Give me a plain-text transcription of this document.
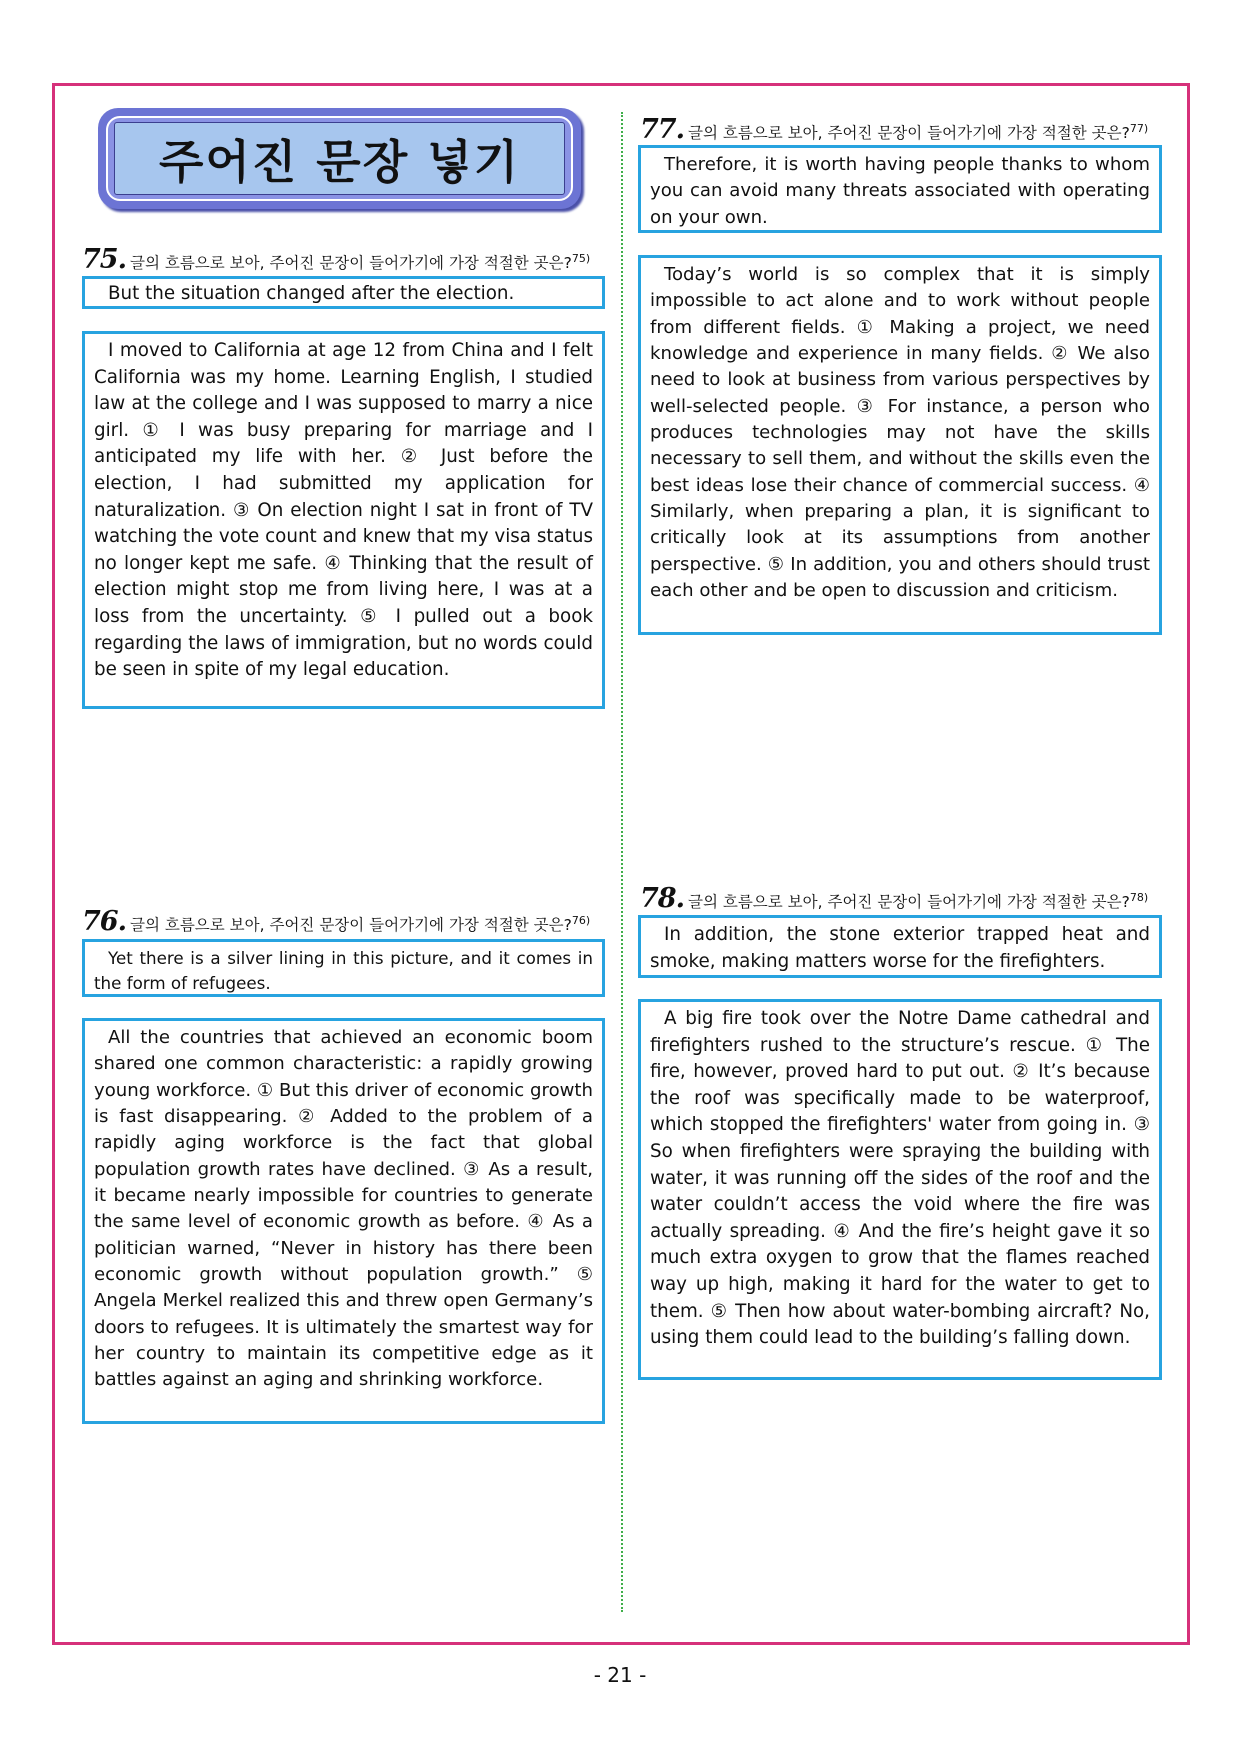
주어진 문장 넣기
75. 글의 흐름으로 보아, 주어진 문장이 들어가기에 가장 적절한 곳은?$^{75)}$

But the situation changed after the election.

I moved to California at age 12 from China and I felt California was my home. Learning English, I studied law at the college and I was supposed to marry a nice girl. ① I was busy preparing for marriage and I anticipated my life with her. ② Just before the election, I had submitted my application for naturalization. ③ On election night I sat in front of TV watching the vote count and knew that my visa status no longer kept me safe. ④ Thinking that the result of election might stop me from living here, I was at a loss from the uncertainty. ⑤ I pulled out a book regarding the laws of immigration, but no words could be seen in spite of my legal education.

76. 글의 흐름으로 보아, 주어진 문장이 들어가기에 가장 적절한 곳은?$^{76)}$

Yet there is a silver lining in this picture, and it comes in the form of refugees.

All the countries that achieved an economic boom shared one common characteristic: a rapidly growing young workforce. ① But this driver of economic growth is fast disappearing. ② Added to the problem of a rapidly aging workforce is the fact that global population growth rates have declined. ③ As a result, it became nearly impossible for countries to generate the same level of economic growth as before. ④ As a politician warned, “Never in history has there been economic growth without population growth.” ⑤ Angela Merkel realized this and threw open Germany’s doors to refugees. It is ultimately the smartest way for her country to maintain its competitive edge as it battles against an aging and shrinking workforce.

77. 글의 흐름으로 보아, 주어진 문장이 들어가기에 가장 적절한 곳은?$^{77)}$

Therefore, it is worth having people thanks to whom you can avoid many threats associated with operating on your own.

Today’s world is so complex that it is simply impossible to act alone and to work without people from different fields. ① Making a project, we need knowledge and experience in many fields. ② We also need to look at business from various perspectives by well-selected people. ③ For instance, a person who produces technologies may not have the skills necessary to sell them, and without the skills even the best ideas lose their chance of commercial success. ④ Similarly, when preparing a plan, it is significant to critically look at its assumptions from another perspective. ⑤ In addition, you and others should trust each other and be open to discussion and criticism.

78. 글의 흐름으로 보아, 주어진 문장이 들어가기에 가장 적절한 곳은?$^{78)}$

In addition, the stone exterior trapped heat and smoke, making matters worse for the firefighters.

A big fire took over the Notre Dame cathedral and firefighters rushed to the structure’s rescue. ① The fire, however, proved hard to put out. ② It’s because the roof was specifically made to be waterproof, which stopped the firefighters' water from going in. ③ So when firefighters were spraying the building with water, it was running off the sides of the roof and the water couldn’t access the void where the fire was actually spreading. ④ And the fire’s height gave it so much extra oxygen to grow that the flames reached way up high, making it hard for the water to get to them. ⑤ Then how about water-bombing aircraft? No, using them could lead to the building’s falling down.

- 21 -
